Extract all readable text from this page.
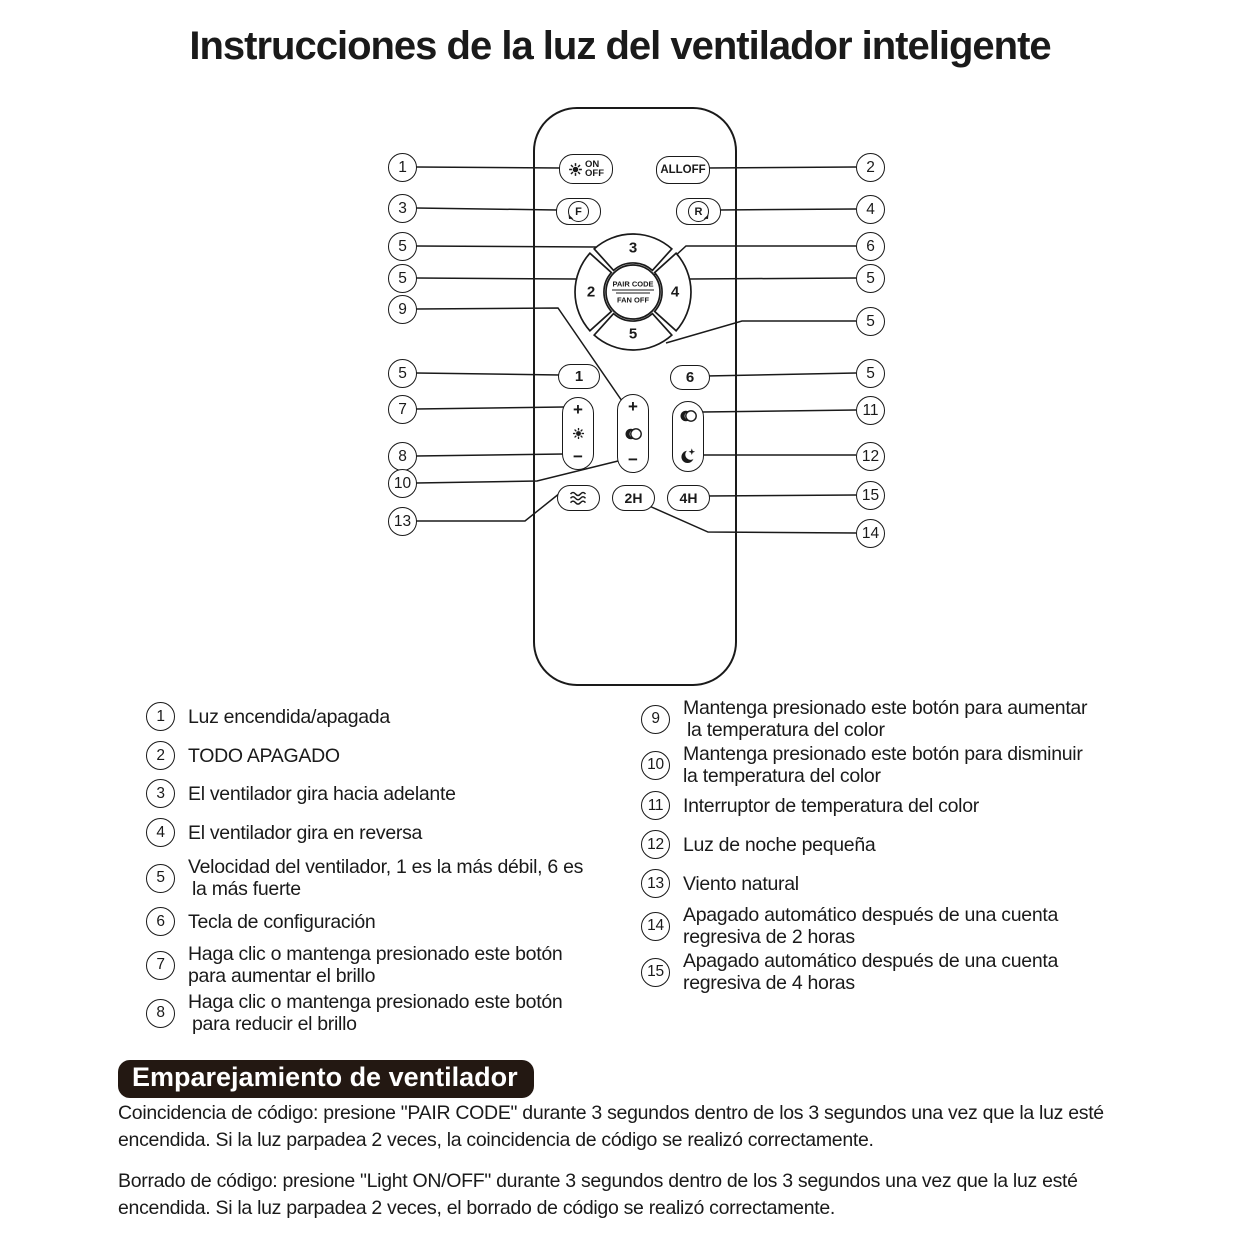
Instrucciones de la luz del ventilador inteligente
ON
OFF	ALLOFF
F	R
3
2	4
5
PAIR CODE
FAN OFF
1	6
+
−
+
−
2H	4H
1
3
5
5
9
5
7
8
10
13
2
4
6
5
5
5
11
12
15
14
1	Luz encendida/apagada
2	TODO APAGADO
3	El ventilador gira hacia adelante
4	El ventilador gira en reversa
5	Velocidad del ventilador, 1 es la más débil, 6 es
la más fuerte
6	Tecla de configuración
7	Haga clic o mantenga presionado este botón
para aumentar el brillo
8	Haga clic o mantenga presionado este botón
para reducir el brillo
9	Mantenga presionado este botón para aumentar
la temperatura del color
10 Mantenga presionado este botón para disminuir
la temperatura del color
11	Interruptor de temperatura del color
12 Luz de noche pequeña
13 Viento natural
14 Apagado automático después de una cuenta
regresiva de 2 horas
15 Apagado automático después de una cuenta
regresiva de 4 horas
Emparejamiento de ventilador
Coincidencia de código: presione "PAIR CODE" durante 3 segundos dentro de los 3 segundos una vez que la luz esté encendida. Si la luz parpadea 2 veces, la coincidencia de código se realizó correctamente.
Borrado de código: presione "Light ON/OFF" durante 3 segundos dentro de los 3 segundos una vez que la luz esté encendida. Si la luz parpadea 2 veces, el borrado de código se realizó correctamente.
